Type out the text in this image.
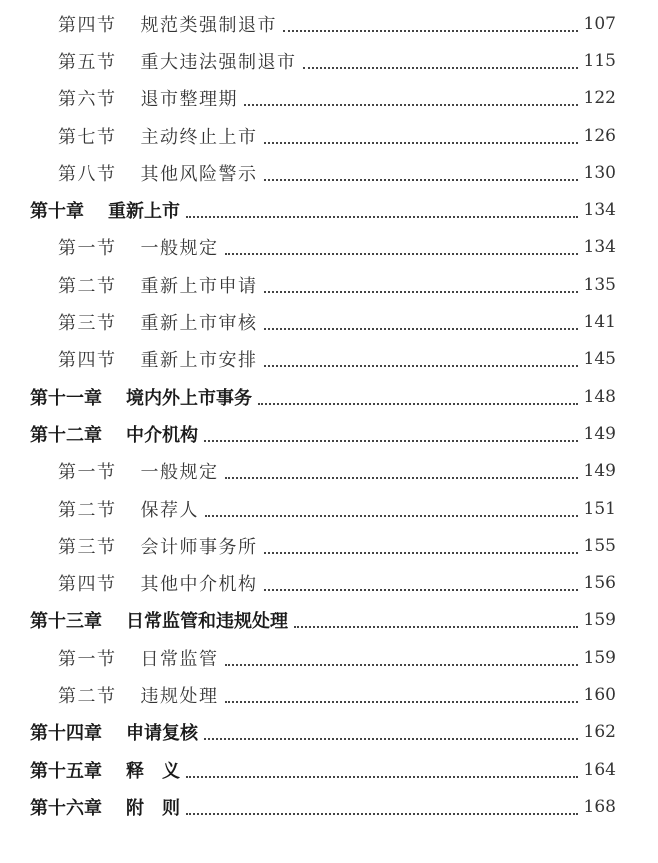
第四节 规范类强制退市	107
第五节 重大违法强制退市	115
第六节 退市整理期	122
第七节 主动终止上市	126
第八节 其他风险警示	130
第十章 重新上市	134
第一节 一般规定	134
第二节 重新上市申请	135
第三节 重新上市审核	141
第四节 重新上市安排	145
第十一章 境内外上市事务	148
第十二章 中介机构	149
第一节 一般规定	149
第二节 保荐人	151
第三节 会计师事务所	155
第四节 其他中介机构	156
第十三章 日常监管和违规处理	159
第一节 日常监管	159
第二节 违规处理	160
第十四章 申请复核	162
第十五章 释　义	164
第十六章 附　则	168
